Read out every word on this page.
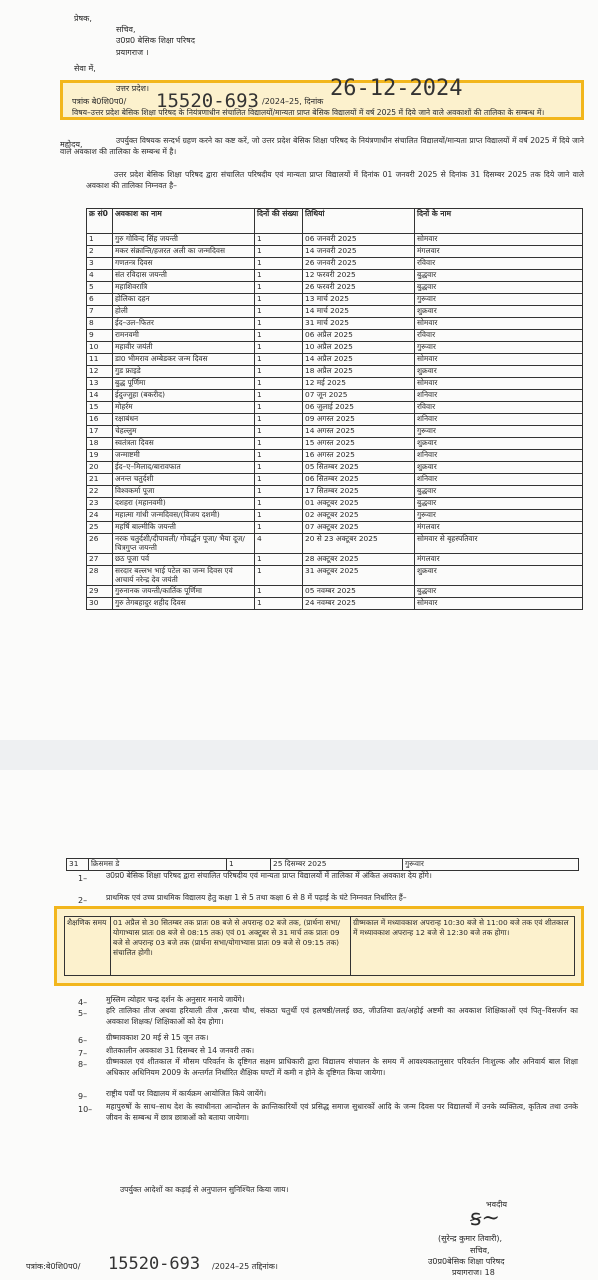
प्रेषक,
सचिव,
उ0प्र0 बेसिक शिक्षा परिषद
प्रयागराज ।
सेवा में,
उत्तर प्रदेश।
पत्रांक बे0शि0प0/ 15520-693 /2024–25, दिनांक
26-12-2024
विषय–उत्तर प्रदेश बेसिक शिक्षा परिषद के नियंत्रणाधीन संचालित विद्यालयों/मान्यता प्राप्त बेसिक विद्यालयों में वर्ष 2025 में दिये जाने वाले अवकाशों की तालिका के सम्बन्ध में।
महोदय,	उपर्युक्त विषयक सन्दर्भ ग्रहण करने का कष्ट करें, जो उत्तर प्रदेश बेसिक शिक्षा परिषद के नियंत्रणाधीन संचालित विद्यालयों/मान्यता प्राप्त विद्यालयों में वर्ष 2025 में दिये जाने वाले अवकाश की तालिका के सम्बन्ध में है।
उत्तर प्रदेश बेसिक शिक्षा परिषद द्वारा संचालित परिषदीय एवं मान्यता प्राप्त विद्यालयों में दिनांक 01 जनवरी 2025 से दिनांक 31 दिसम्बर 2025 तक दिये जाने वाले अवकाश की तालिका निम्नवत है–
क्र सं0	अवकाश का नाम	दिनों की संख्या	तिथियां	दिनों के नाम
1	गुरु गोविन्द सिंह जयन्ती	1	06 जनवरी 2025	सोमवार
2	मकर संक्रान्ति/हजरत अली का जन्मदिवस	1	14 जनवरी 2025	मंगलवार
3	गणतन्त्र दिवस	1	26 जनवरी 2025	रविवार
4	संत रविदास जयन्ती	1	12 फरवरी 2025	बुद्धवार
5	महाशिवरात्रि	1	26 फरवरी 2025	बुद्धवार
6	होलिका दहन	1	13 मार्च 2025	गुरूवार
7	होली	1	14 मार्च 2025	शुक्रवार
8	ईद–उल–फितर	1	31 मार्च 2025	सोमवार
9	रामनवमी	1	06 अप्रैल 2025	रविवार
10	महावीर जयंती	1	10 अप्रैल 2025	गुरूवार
11	डा0 भीमराव अम्बेडकर जन्म दिवस	1	14 अप्रैल 2025	सोमवार
12	गुड फ्राइडे	1	18 अप्रैल 2025	शुक्रवार
13	बुद्ध पूर्णिमा	1	12 मई 2025	सोमवार
14	ईदुज्जुहा (बकरीद)	1	07 जून 2025	शनिवार
15	मोहर्रम	1	06 जुलाई 2025	रविवार
16	रक्षाबंधन	1	09 अगस्त 2025	शनिवार
17	चेहल्लुम	1	14 अगस्त 2025	गुरूवार
18	स्वतंत्रता दिवस	1	15 अगस्त 2025	शुक्रवार
19	जन्माष्टमी	1	16 अगस्त 2025	शनिवार
20	ईद–ए–मिलाद/बारावफात	1	05 सितम्बर 2025	शुक्रवार
21	अनन्त चतुर्दशी	1	06 सितम्बर 2025	शनिवार
22	विश्वकर्मा पूजा	1	17 सितम्बर 2025	बुद्धवार
23	दशहरा (महानवमी)	1	01 अक्टूबर 2025	बुद्धवार
24	महात्मा गांधी जन्मदिवस/(विजय दशमी)	1	02 अक्टूबर 2025	गुरूवार
25	महर्षि बाल्मीकि जयन्ती	1	07 अक्टूबर 2025	मंगलवार
26	नरक चतुर्दशी/दीपावली/ गोवर्द्धन पूजा/ भैया दूज/चित्रगुप्त जयन्ती	4	20 से 23 अक्टूबर 2025	सोमवार से बृहस्पतिवार
27	छठ पूजा पर्व	1	28 अक्टूबर 2025	मंगलवार
28	सरदार बल्लभ भाई पटेल का जन्म दिवस एवं आचार्य नरेन्द्र देव जयंती	1	31 अक्टूबर 2025	शुक्रवार
29	गुरुनानक जयन्ती/कार्तिक पूर्णिमा	1	05 नवम्बर 2025	बुद्धवार
30	गुरु तेगबहादुर शहीद दिवस	1	24 नवम्बर 2025	सोमवार
31	क्रिसमस डे	1	25 दिसम्बर 2025	गुरूवार
1– उ0प्र0 बेसिक शिक्षा परिषद द्वारा संचालित परिषदीय एवं मान्यता प्राप्त विद्यालयों में तालिका में अंकित अवकाश देय होंगे।
2– प्राथमिक एवं उच्च प्राथमिक विद्यालय हेतु कक्षा 1 से 5 तथा कक्षा 6 से 8 में पढ़ाई के घंटे निम्नवत निर्धारित हैं–
शैक्षणिक समय	01 अप्रैल से 30 सितम्बर तक प्रातः 08 बजे से अपरान्ह 02 बजे तक, (प्रार्थना सभा/योगाभ्यास प्रातः 08 बजे से 08:15 तक) एवं 01 अक्टूबर से 31 मार्च तक प्रातः 09 बजे से अपरान्ह 03 बजे तक (प्रार्थना सभा/योगाभ्यास प्रातः 09 बजे से 09:15 तक) संचालित होगी।	ग्रीष्मकाल में मध्यावकाश अपरान्ह 10:30 बजे से 11:00 बजे तक एवं शीतकाल में मध्यावकाश अपरान्ह 12 बजे से 12:30 बजे तक होगा।
4– मुस्लिम त्योहार चन्द्र दर्शन के अनुसार मनाये जायेंगे।
5– हरि तालिका तीज अथवा हरियाली तीज ,करवा चौथ, संकठा चतुर्थी एवं हलषष्ठी/ललई छठ, जीउतिया व्रत/अहोई अष्टमी का अवकाश शिक्षिकाओं एवं पितृ–विसर्जन का अवकाश शिक्षक/ शिक्षिकाओं को देय होगा।
6– ग्रीष्मावकाश 20 मई से 15 जून तक।
7– शीतकालीन अवकाश 31 दिसम्बर से 14 जनवरी तक।
8– ग्रीष्मकाल एवं शीतकाल में मौसम परिवर्तन के दृष्टिगत सक्षम प्राधिकारी द्वारा विद्यालय संचालन के समय में आवश्यकतानुसार परिवर्तन निःशुल्क और अनिवार्य बाल शिक्षा अधिकार अधिनियम 2009 के अन्तर्गत निर्धारित शैक्षिक घण्टों में कमी न होने के दृष्टिगत किया जायेगा।
9– राष्ट्रीय पर्वों पर विद्यालय में कार्यक्रम आयोजित किये जायेंगे।
10– महापुरुषों के साथ–साथ देश के स्वाधीनता आन्दोलन के क्रान्तिकारियों एवं प्रसिद्ध समाज सुधारकों आदि के जन्म दिवस पर विद्यालयों में उनके व्यक्तित्व, कृतित्व तथा उनके जीवन के सम्बन्ध में छात्र छात्राओं को बताया जायेगा।
उपर्युक्त आदेशों का कड़ाई से अनुपालन सुनिश्चित किया जाय।
भवदीय
ꞩ~
(सुरेन्द्र कुमार तिवारी),
सचिव,
उ0प्र0बेसिक शिक्षा परिषद
प्रयागराज। 18
पत्रांक:बे0शि0प0/ 15520-693 /2024–25 तद्दिनांक।
